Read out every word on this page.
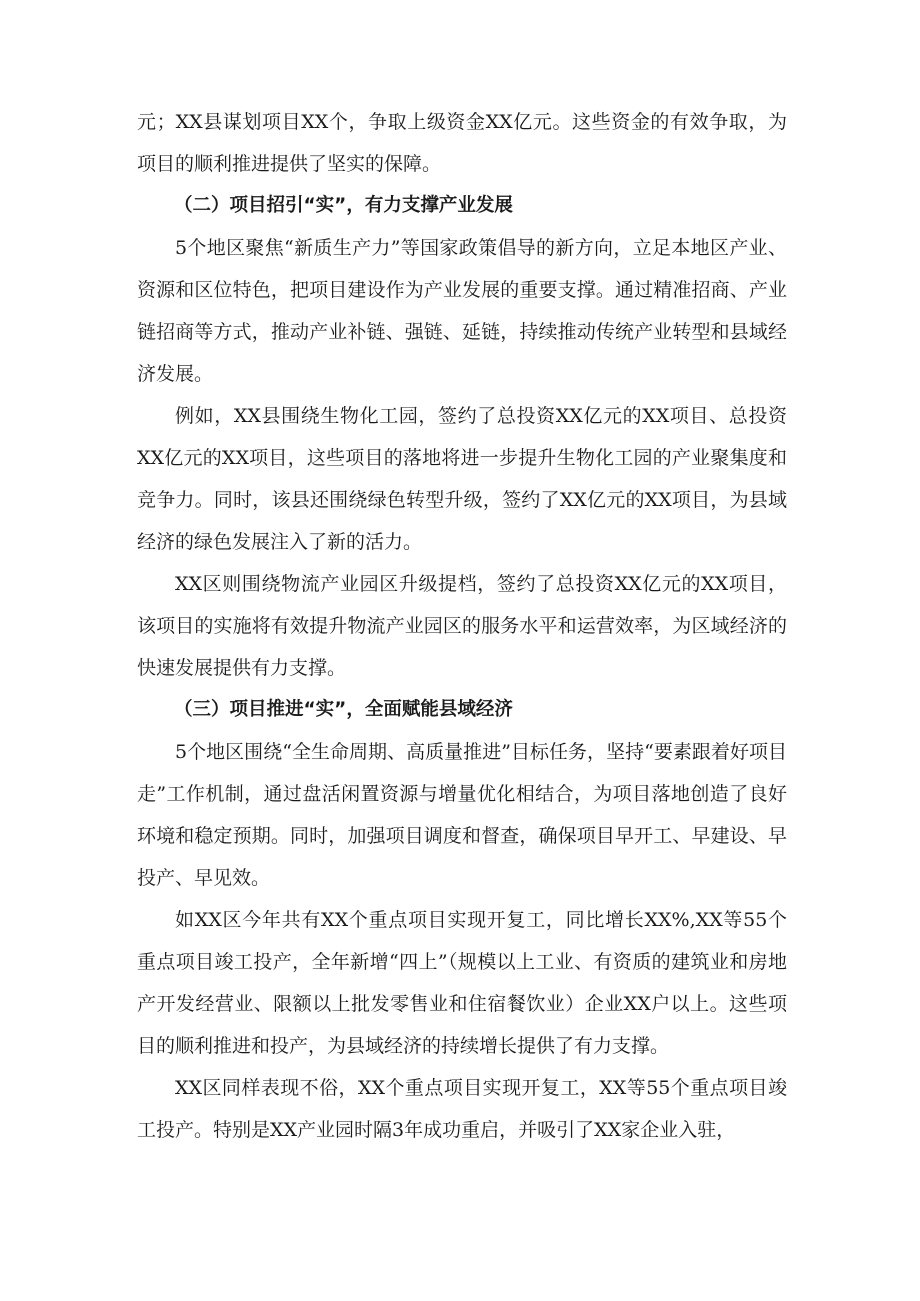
元；XX县谋划项目XX个，争取上级资金XX亿元。这些资金的有效争取，为项目的顺利推进提供了坚实的保障。

（二）项目招引“实”，有力支撑产业发展

5个地区聚焦“新质生产力”等国家政策倡导的新方向，立足本地区产业、资源和区位特色，把项目建设作为产业发展的重要支撑。通过精准招商、产业链招商等方式，推动产业补链、强链、延链，持续推动传统产业转型和县域经济发展。

例如，XX县围绕生物化工园，签约了总投资XX亿元的XX项目、总投资XX亿元的XX项目，这些项目的落地将进一步提升生物化工园的产业聚集度和竞争力。同时，该县还围绕绿色转型升级，签约了XX亿元的XX项目，为县域经济的绿色发展注入了新的活力。

XX区则围绕物流产业园区升级提档，签约了总投资XX亿元的XX项目，该项目的实施将有效提升物流产业园区的服务水平和运营效率，为区域经济的快速发展提供有力支撑。

（三）项目推进“实”，全面赋能县域经济

5个地区围绕“全生命周期、高质量推进”目标任务，坚持“要素跟着好项目走”工作机制，通过盘活闲置资源与增量优化相结合，为项目落地创造了良好环境和稳定预期。同时，加强项目调度和督查，确保项目早开工、早建设、早投产、早见效。

如XX区今年共有XX个重点项目实现开复工，同比增长XX%,XX等55个重点项目竣工投产，全年新增“四上”（规模以上工业、有资质的建筑业和房地产开发经营业、限额以上批发零售业和住宿餐饮业）企业XX户以上。这些项目的顺利推进和投产，为县域经济的持续增长提供了有力支撑。

XX区同样表现不俗，XX个重点项目实现开复工，XX等55个重点项目竣工投产。特别是XX产业园时隔3年成功重启，并吸引了XX家企业入驻，
